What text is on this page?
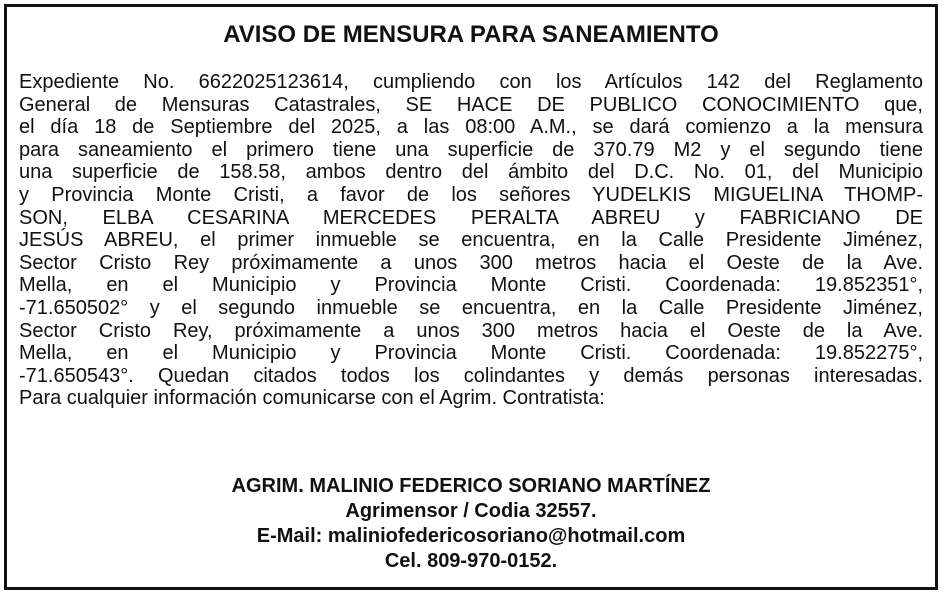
AVISO DE MENSURA PARA SANEAMIENTO
Expediente No. 6622025123614, cumpliendo con los Artículos 142 del Reglamento
General de Mensuras Catastrales, SE HACE DE PUBLICO CONOCIMIENTO que,
el día 18 de Septiembre del 2025, a las 08:00 A.M., se dará comienzo a la mensura
para saneamiento el primero tiene una superficie de 370.79 M2 y el segundo tiene
una superficie de 158.58, ambos dentro del ámbito del D.C. No. 01, del Municipio
y Provincia Monte Cristi, a favor de los señores YUDELKIS MIGUELINA THOMP-
SON, ELBA CESARINA MERCEDES PERALTA ABREU y FABRICIANO DE
JESÚS ABREU, el primer inmueble se encuentra, en la Calle Presidente Jiménez,
Sector Cristo Rey próximamente a unos 300 metros hacia el Oeste de la Ave.
Mella, en el Municipio y Provincia Monte Cristi. Coordenada: 19.852351°,
-71.650502° y el segundo inmueble se encuentra, en la Calle Presidente Jiménez,
Sector Cristo Rey, próximamente a unos 300 metros hacia el Oeste de la Ave.
Mella, en el Municipio y Provincia Monte Cristi. Coordenada: 19.852275°,
-71.650543°. Quedan citados todos los colindantes y demás personas interesadas.
Para cualquier información comunicarse con el Agrim. Contratista:
AGRIM. MALINIO FEDERICO SORIANO MARTÍNEZ
Agrimensor / Codia 32557.
E-Mail: maliniofedericosoriano@hotmail.com
Cel. 809-970-0152.
